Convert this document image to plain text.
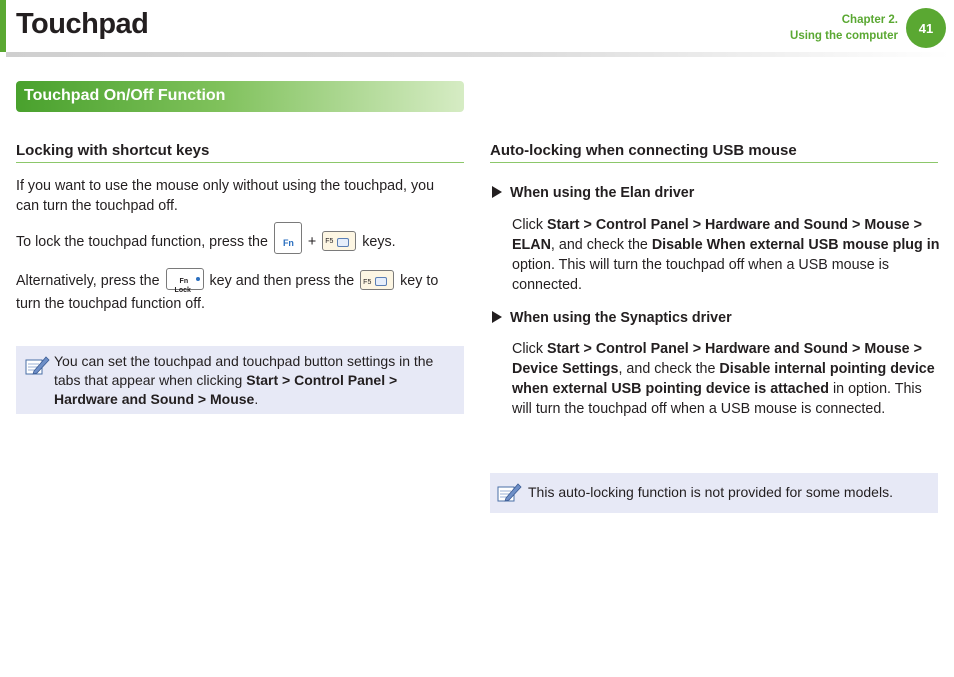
Touchpad	Chapter 2.
Using the computer
41
Touchpad On/Off Function
Locking with shortcut keys
If you want to use the mouse only without using the touchpad, you can turn the touchpad off.
To lock the touchpad function, press the Fn + F5 keys.
Alternatively, press the	Fn
Lock
key and then press the F5 key to turn the touchpad function off.
You can set the touchpad and touchpad button settings in the tabs that appear when clicking Start > Control Panel > Hardware and Sound > Mouse.
Auto-locking when connecting USB mouse
When using the Elan driver
Click Start > Control Panel > Hardware and Sound > Mouse > ELAN, and check the Disable When external USB mouse plug in option. This will turn the touchpad off when a USB mouse is connected.
When using the Synaptics driver
Click Start > Control Panel > Hardware and Sound > Mouse > Device Settings, and check the Disable internal pointing device when external USB pointing device is attached in option. This will turn the touchpad off when a USB mouse is connected.
This auto-locking function is not provided for some models.
